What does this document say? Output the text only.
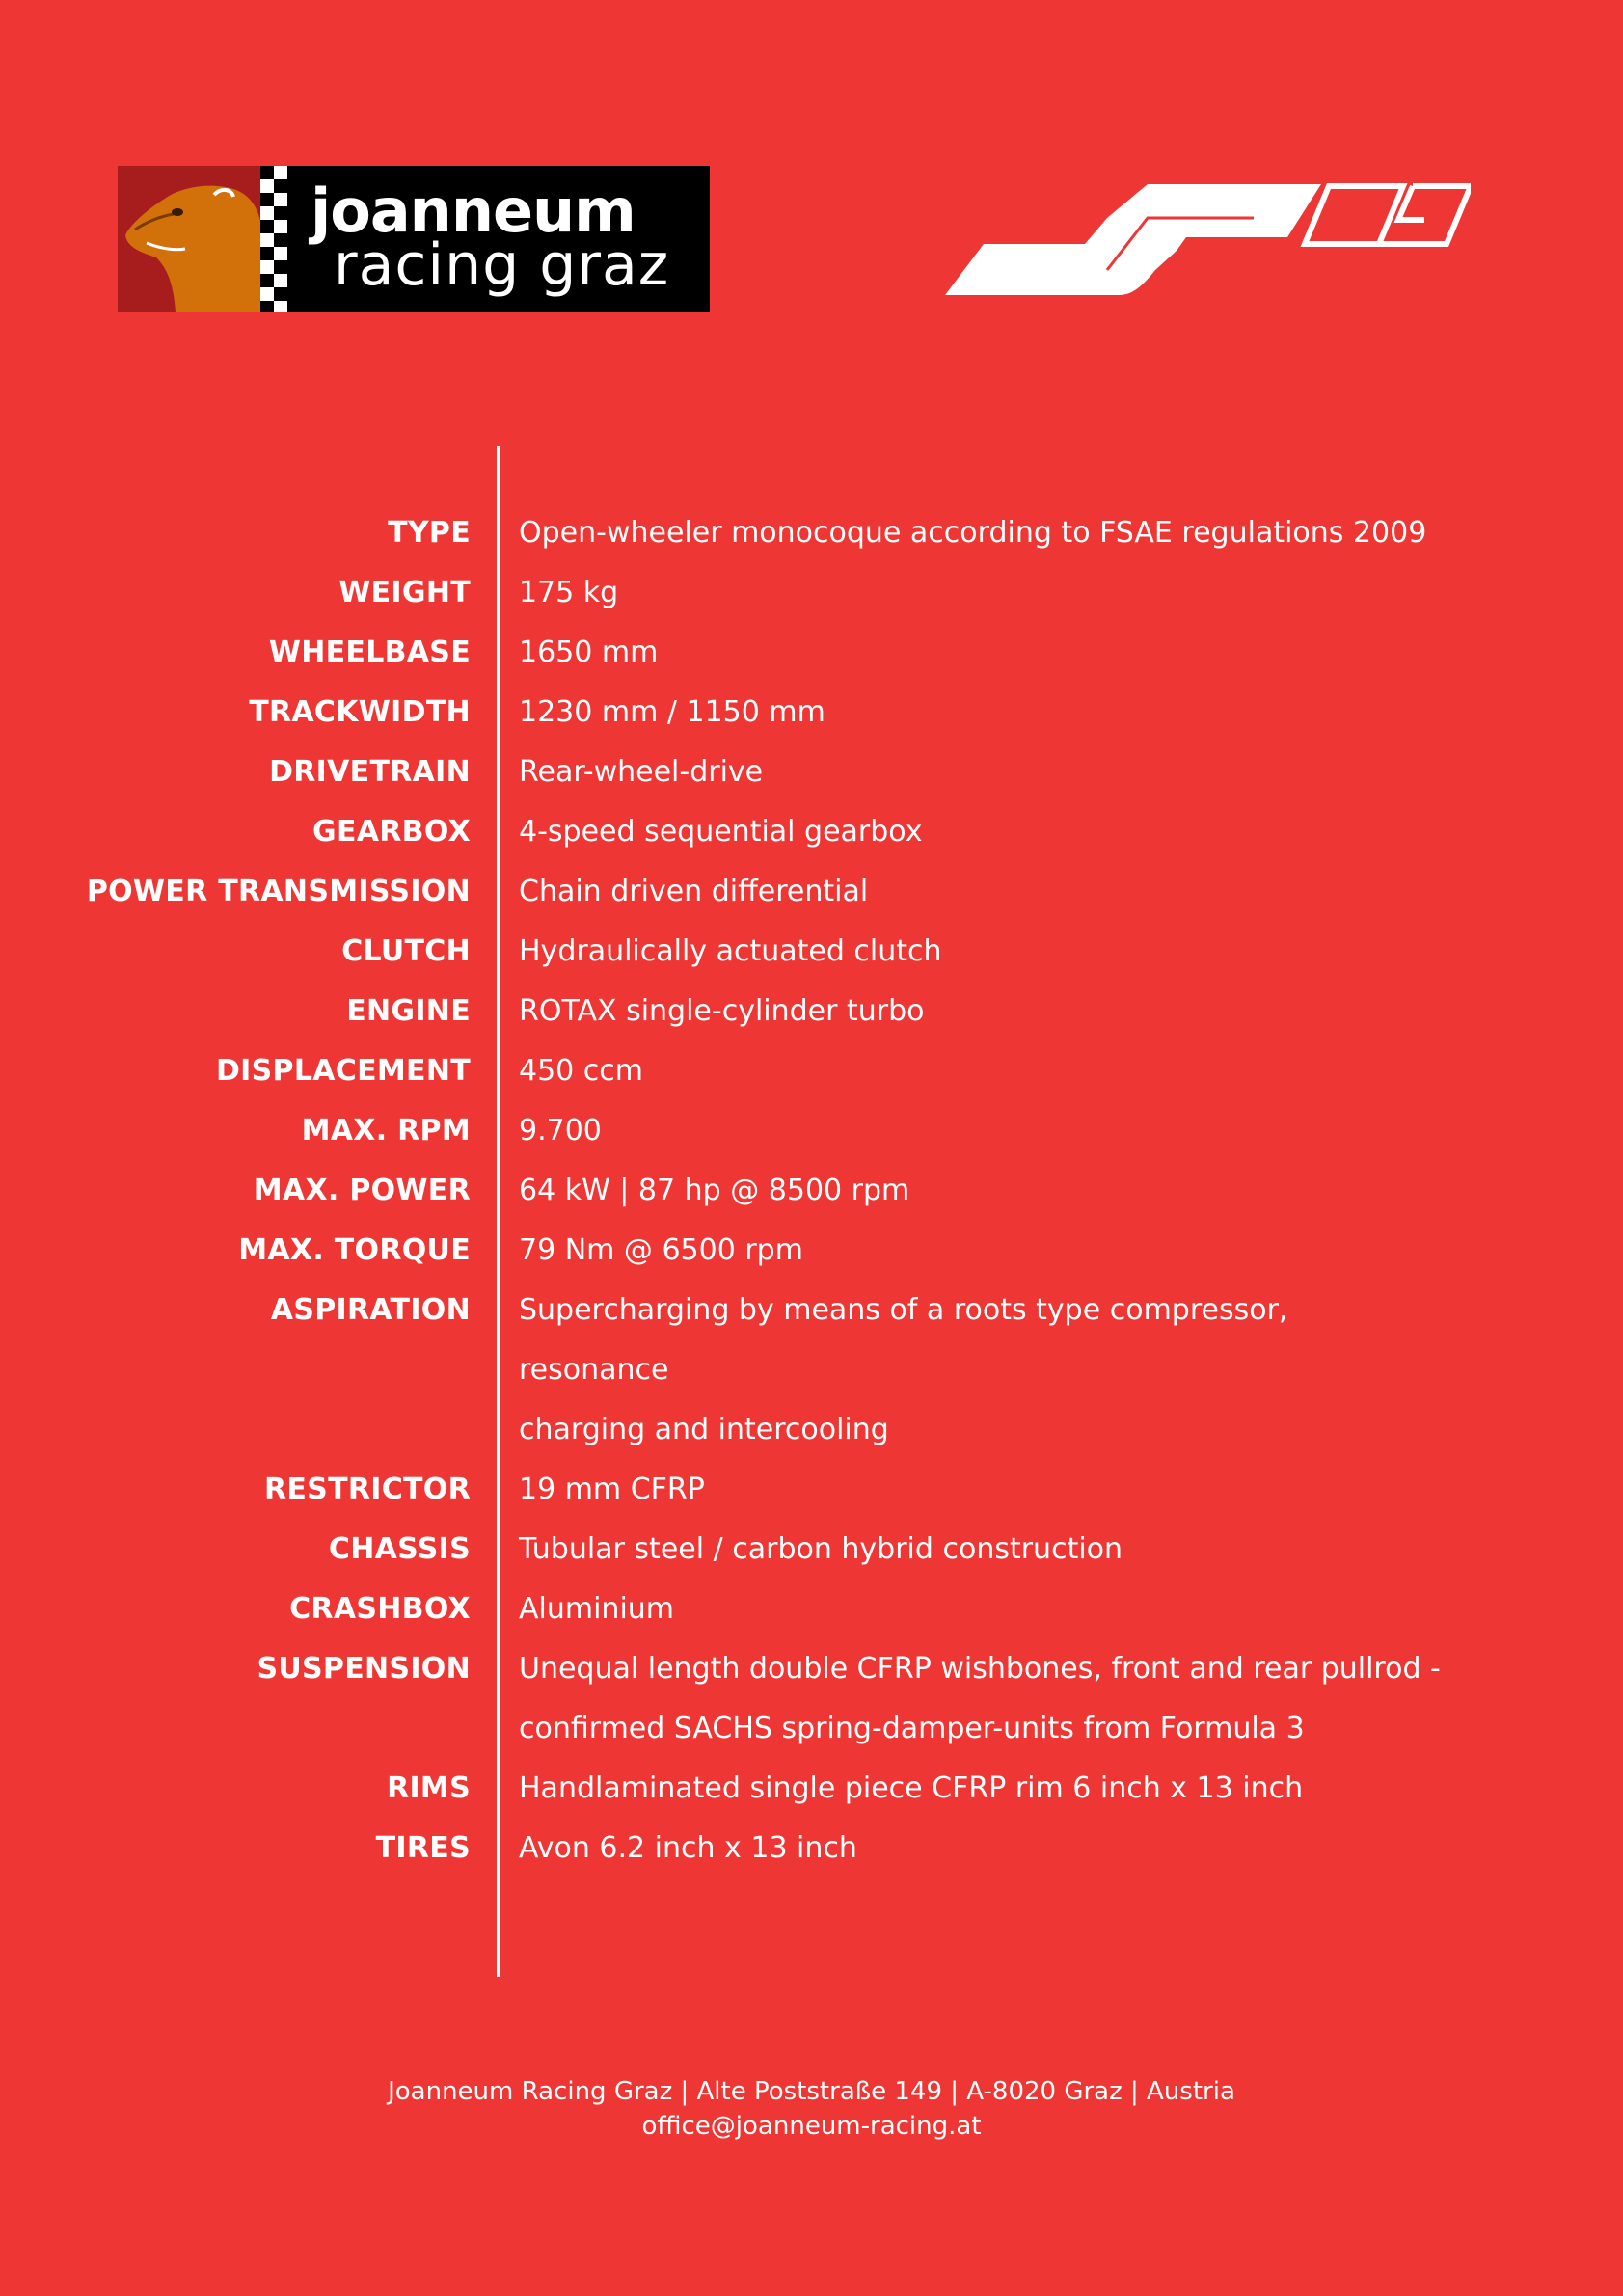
joanneum
racing graz
TYPE Open-wheeler monocoque according to FSAE regulations 2009
WEIGHT 175 kg
WHEELBASE 1650 mm
TRACKWIDTH 1230 mm / 1150 mm
DRIVETRAIN Rear-wheel-drive
GEARBOX 4-speed sequential gearbox
POWER TRANSMISSION Chain driven differential
CLUTCH Hydraulically actuated clutch
ENGINE ROTAX single-cylinder turbo
DISPLACEMENT 450 ccm
MAX. RPM 9.700
MAX. POWER 64 kW | 87 hp @ 8500 rpm
MAX. TORQUE 79 Nm @ 6500 rpm
ASPIRATION Supercharging by means of a roots type compressor, resonance
charging and intercooling
RESTRICTOR 19 mm CFRP
CHASSIS Tubular steel / carbon hybrid construction
CRASHBOX Aluminium
SUSPENSION Unequal length double CFRP wishbones, front and rear pullrod -
confirmed SACHS spring-damper-units from Formula 3
RIMS Handlaminated single piece CFRP rim 6 inch x 13 inch
TIRES Avon 6.2 inch x 13 inch
Joanneum Racing Graz | Alte Poststraße 149 | A-8020 Graz | Austria
office@joanneum-racing.at
